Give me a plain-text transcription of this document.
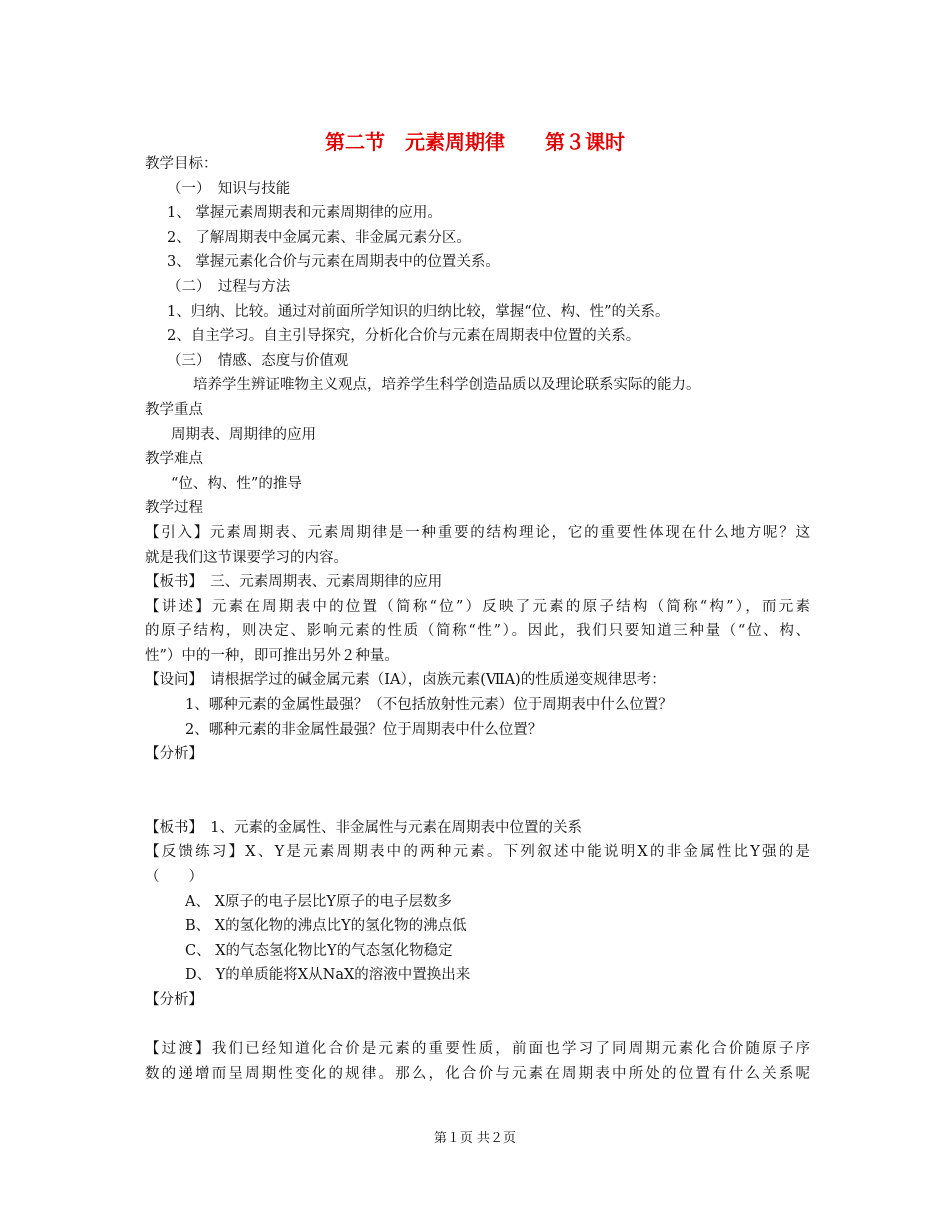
第二节　元素周期律　　第３课时
教学目标：
（一）　知识与技能
1、 掌握元素周期表和元素周期律的应用。
2、 了解周期表中金属元素、非金属元素分区。
3、 掌握元素化合价与元素在周期表中的位置关系。
（二）　过程与方法
1、归纳、比较。通过对前面所学知识的归纳比较，掌握“位、构、性”的关系。
2、自主学习。自主引导探究，分析化合价与元素在周期表中位置的关系。
（三）　情感、态度与价值观
培养学生辨证唯物主义观点，培养学生科学创造品质以及理论联系实际的能力。
教学重点
周期表、周期律的应用
教学难点
“位、构、性”的推导
教学过程
【引入】元素周期表、元素周期律是一种重要的结构理论，它的重要性体现在什么地方呢？这
就是我们这节课要学习的内容。
【板书】　三、元素周期表、元素周期律的应用
【讲述】元素在周期表中的位置（简称“位”）反映了元素的原子结构（简称“构”），而元素
的原子结构，则决定、影响元素的性质（简称“性”）。因此，我们只要知道三种量（“位、构、
性”）中的一种，即可推出另外２种量。
【设问】　请根据学过的碱金属元素（ⅠA），卤族元素(ⅦA)的性质递变规律思考：
1、哪种元素的金属性最强？（不包括放射性元素）位于周期表中什么位置？
2、哪种元素的非金属性最强？位于周期表中什么位置？
【分析】
【板书】　1、元素的金属性、非金属性与元素在周期表中位置的关系
【反馈练习】X、Y是元素周期表中的两种元素。下列叙述中能说明X的非金属性比Y强的是
（　　）
A、 X原子的电子层比Y原子的电子层数多
B、 X的氢化物的沸点比Y的氢化物的沸点低
C、 X的气态氢化物比Y的气态氢化物稳定
D、 Y的单质能将X从NaX的溶液中置换出来
【分析】
【过渡】我们已经知道化合价是元素的重要性质，前面也学习了同周期元素化合价随原子序
数的递增而呈周期性变化的规律。那么，化合价与元素在周期表中所处的位置有什么关系呢
第１页 共２页
